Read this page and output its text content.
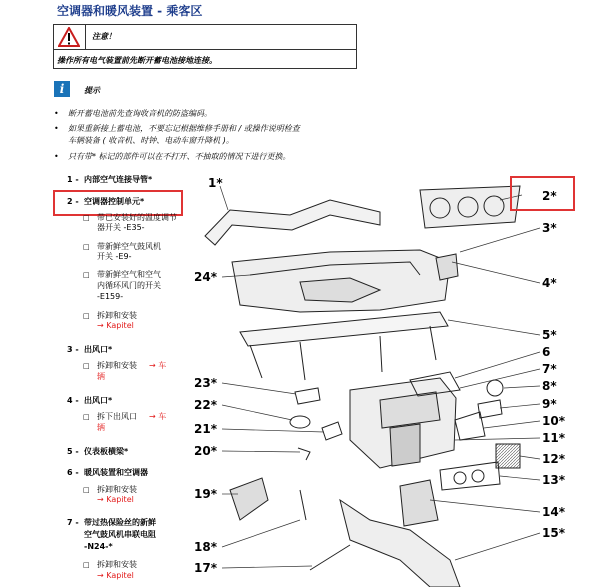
空调器和暖风装置 - 乘客区
注意！
操作所有电气装置前先断开蓄电池接地连接。
i	提示
• 断开蓄电池前先查询收音机的防盗编码。
• 如果重新接上蓄电池，不要忘记根据维修手册和 / 或操作说明检查
车辆装备 ( 收音机、时钟、电动车窗升降机 )。
• 只有带* 标记的部件可以在不打开、不抽取的情况下进行更换。
1 - 内部空气连接导管*
2 - 空调器控制单元*
□ 带已安装好的温度调节
器开关 -E35-
□ 带新鲜空气鼓风机
开关 -E9-
□ 带新鲜空气和空气
内循环风门的开关
-E159-
□ 拆卸和安装
→ Kapitel
3 - 出风口*
□ 拆卸和安装 → 车
辆
4 - 出风口*
□ 拆下出风口 → 车
辆
5 - 仪表板横梁*
6 - 暖风装置和空调器
□ 拆卸和安装
→ Kapitel
7 - 带过热保险丝的新鲜
空气鼓风机串联电阻
-N24-*
□ 拆卸和安装
→ Kapitel
1*
2*
3*
4*
5*
6
7*
8*
9*
10*
11*
12*
13*
14*
15*
17*
18*
19*
20*
21*
22*
23*
24*
